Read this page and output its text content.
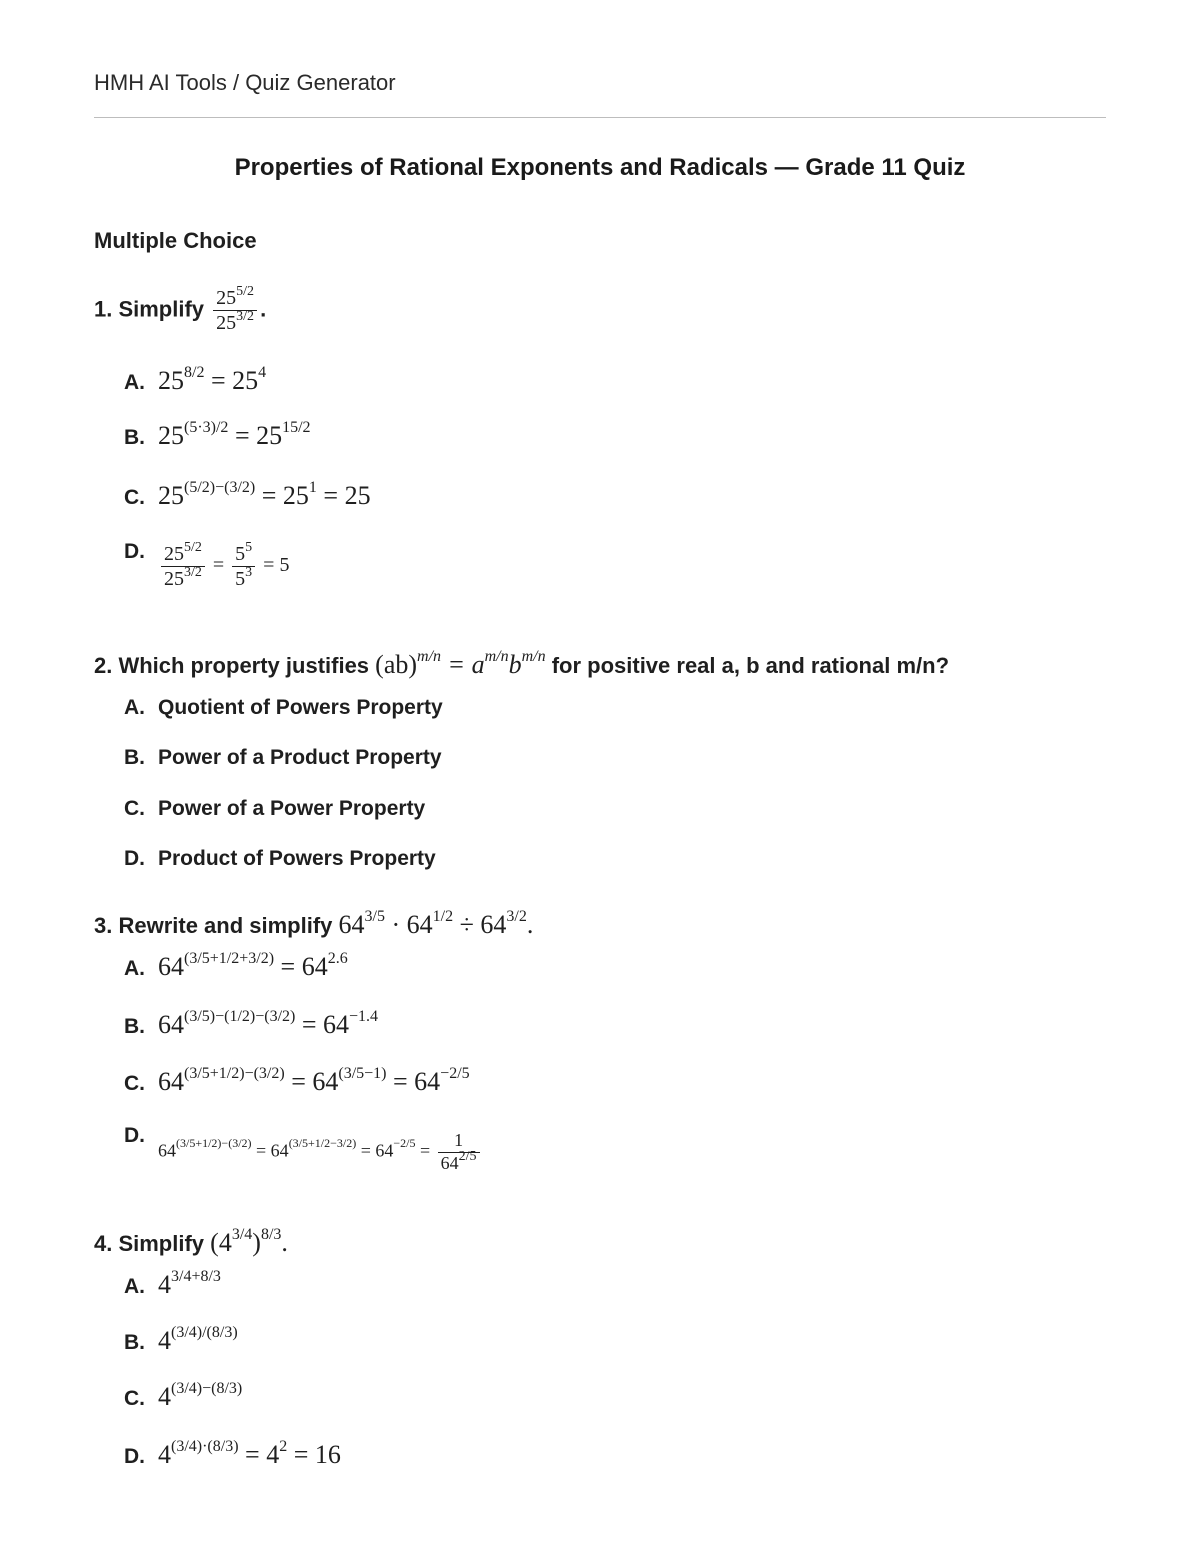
HMH AI Tools / Quiz Generator
Properties of Rational Exponents and Radicals — Grade 11 Quiz
Multiple Choice
1. Simplify $\frac{25^{5/2}}{25^{3/2}}$ .
A. $25^{8/2} = 25^4$
B. $25^{(5\cdot 3)/2} = 25^{15/2}$
C. $25^{(5/2)-(3/2)} = 25^1 = 25$
D. $\frac{25^{5/2}}{25^{3/2}} = \frac{5^5}{5^3} = 5$
2. Which property justifies $(ab)^{m/n} = a^{m/n}b^{m/n}$ for positive real a, b and rational m/n?
A. Quotient of Powers Property
B. Power of a Product Property
C. Power of a Power Property
D. Product of Powers Property
3. Rewrite and simplify $64^{3/5} \cdot 64^{1/2} \div 64^{3/2}$.
A. $64^{(3/5+1/2+3/2)} = 64^{2.6}$
B. $64^{(3/5)-(1/2)-(3/2)} = 64^{-1.4}$
C. $64^{(3/5+1/2)-(3/2)} = 64^{(3/5-1)} = 64^{-2/5}$
$D.64^{(3/5+1/2)-(3/2)} = 64^{(3/5+1/2-3/2)} = 64^{-2/5} = \frac{1}{64^{2/5}}$
4. Simplify $(4^{3/4})^{8/3}$.
A. $4^{3/4+8/3}$
B. $4^{(3/4)/(8/3)}$
C. $4^{(3/4)-(8/3)}$
D. $4^{(3/4)\cdot(8/3)} = 4^2 = 16$
